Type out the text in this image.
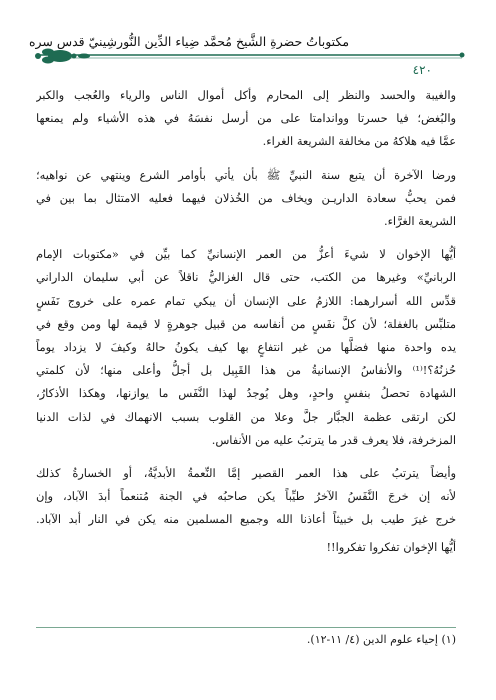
مكتوباتُ حضرةِ الشَّيخ مُحمَّد ضِياء الدِّين النُّورشِينيّ قدس سره
٤٢٠

والغيبة والحسد والنظر إلى المحارم وأكل أموال الناس والرياء والعُجب والكبر
والبُغض؛ فيا حسرتا وواندامتا على من أرسل نفسَهُ في هذه الأشياء ولم يمنعها
عمَّا فيه هلاكهُ من مخالفة الشريعة الغراء.

ورضا الآخرة أن يتبع سنة النبيِّ ﷺ بأن يأتي بأوامر الشرع وينتهي عن نواهيه؛
فمن يحبُّ سعادة الداريـن ويخاف من الخُذلان فيهما فعليه الامتثال بما بين في
الشريعة الغرَّاء.

أيُّها الإخوان لا شيءَ أعزُّ من العمر الإنسانيِّ كما بيِّن في «مكتوبات الإمام
الربانيِّ» وغيرها من الكتب، حتى قال الغزاليُّ ناقلاً عن أبي سليمان الداراني
قدِّس الله أسرارهما: اللازمُ على الإنسان أن يبكي تمام عمره على خروج نَفَسٍ
متلبِّس بالغفلة؛ لأن كلَّ نفَسٍ من أنفاسه من قبيل جوهرةٍ لا قيمة لها ومن وقع في
يده واحدة منها فضلَّها من غير انتفاعٍ بها كيف يكونُ حالهُ وكيفَ لا يزداد يوماً
حُزنُهُ؟!⁽¹⁾ والأنفاسُ الإنسانيةُ من هذا القَبِيل بل أجلُّ وأعلى منها؛ لأن كلمتي
الشهادة تحصلُ بنفسٍ واحدٍ، وهل يُوجدُ لهذا النَّفَس ما يوازنها، وهكذا الأذكارُ،
لكن ارتقى عظمة الجبَّار جلَّ وعلا من القلوب بسبب الانهماك في لذات الدنيا
المزخرفة، فلا يعرف قدر ما يترتبُ عليه من الأنفاس.

وأيضاً يترتبُ على هذا العمر القصير إمَّا النِّعمةُ الأبديَّةُ، أو الخسارةُ كذلك
لأنه إن خرجَ النَّفَسُ الآخرُ طيِّباً يكن صاحبُه في الجنة مُتنعماً أبدَ الآباد، وإن
خرج غيرَ طيب بل خبيثاً أعاذنا الله وجميع المسلمين منه يكن في النار أبد الآباد.

أيُّها الإخوان تفكروا تفكروا!!

(١) إحياء علوم الدين (٤/ ١١-١٢).
